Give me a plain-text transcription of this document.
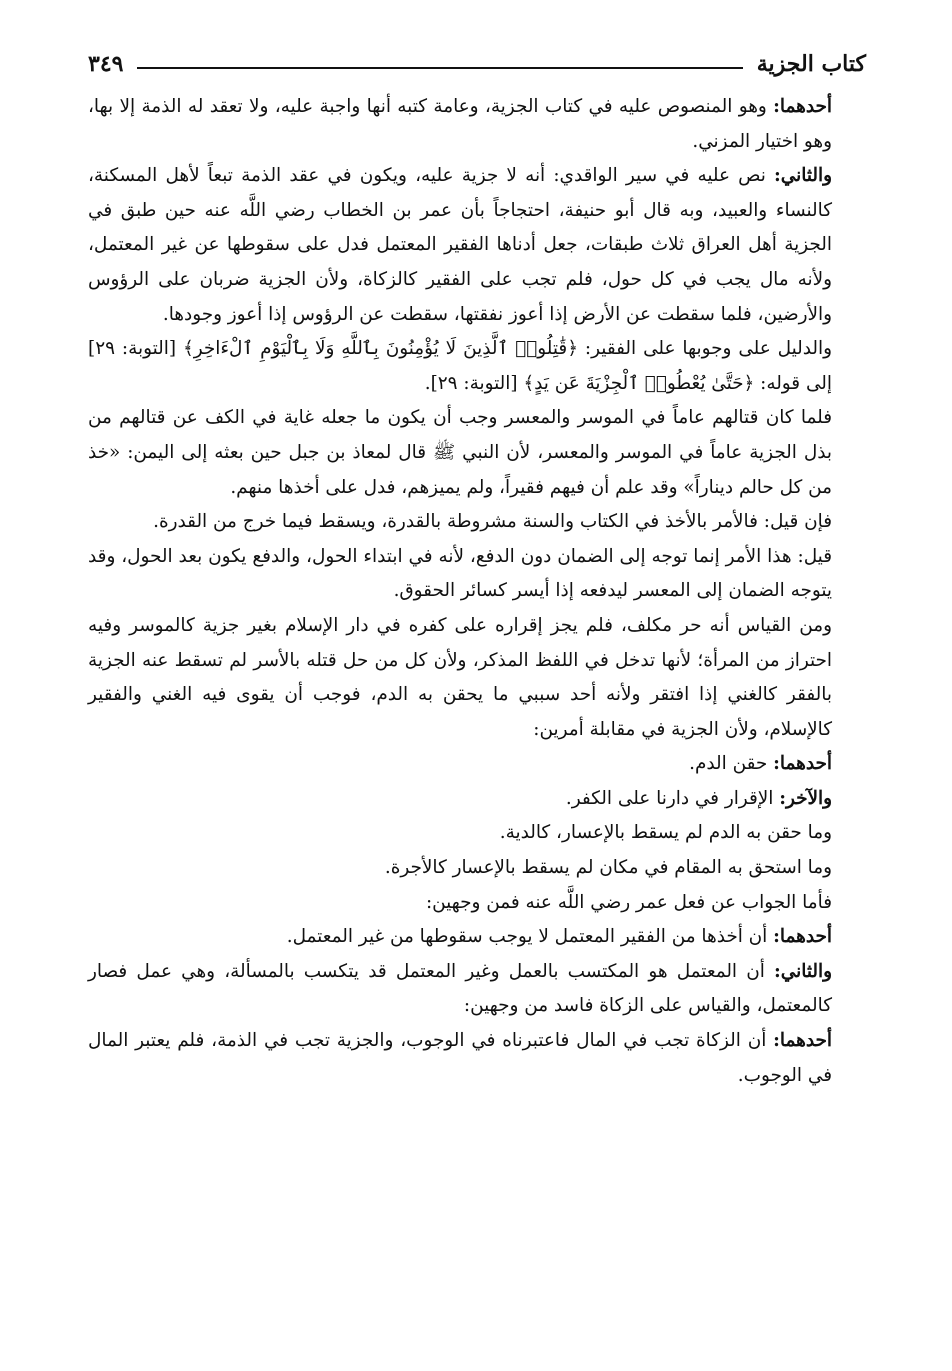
كتاب الجزية
٣٤٩

أحدهما: وهو المنصوص عليه في كتاب الجزية، وعامة كتبه أنها واجبة عليه، ولا تعقد له الذمة إلا بها، وهو اختيار المزني.

والثاني: نص عليه في سير الواقدي: أنه لا جزية عليه، ويكون في عقد الذمة تبعاً لأهل المسكنة، كالنساء والعبيد، وبه قال أبو حنيفة، احتجاجاً بأن عمر بن الخطاب رضي اللَّه عنه حين طبق في الجزية أهل العراق ثلاث طبقات، جعل أدناها الفقير المعتمل فدل على سقوطها عن غير المعتمل، ولأنه مال يجب في كل حول، فلم تجب على الفقير كالزكاة، ولأن الجزية ضربان على الرؤوس والأرضين، فلما سقطت عن الأرض إذا أعوز نفقتها، سقطت عن الرؤوس إذا أعوز وجودها.

والدليل على وجوبها على الفقير: ﴿قَٰتِلُوا۟ ٱلَّذِينَ لَا يُؤْمِنُونَ بِٱللَّهِ وَلَا بِٱلْيَوْمِ ٱلْءَاخِرِ﴾ [التوبة: ٢٩] إلى قوله: ﴿حَتَّىٰ يُعْطُوا۟ ٱلْجِزْيَةَ عَن يَدٍ﴾ [التوبة: ٢٩].

فلما كان قتالهم عاماً في الموسر والمعسر وجب أن يكون ما جعله غاية في الكف عن قتالهم من بذل الجزية عاماً في الموسر والمعسر، لأن النبي ﷺ قال لمعاذ بن جبل حين بعثه إلى اليمن: «خذ من كل حالم ديناراً» وقد علم أن فيهم فقيراً، ولم يميزهم، فدل على أخذها منهم.

فإن قيل: فالأمر بالأخذ في الكتاب والسنة مشروطة بالقدرة، ويسقط فيما خرج من القدرة.

قيل: هذا الأمر إنما توجه إلى الضمان دون الدفع، لأنه في ابتداء الحول، والدفع يكون بعد الحول، وقد يتوجه الضمان إلى المعسر ليدفعه إذا أيسر كسائر الحقوق.

ومن القياس أنه حر مكلف، فلم يجز إقراره على كفره في دار الإسلام بغير جزية كالموسر وفيه احتراز من المرأة؛ لأنها تدخل في اللفظ المذكر، ولأن كل من حل قتله بالأسر لم تسقط عنه الجزية بالفقر كالغني إذا افتقر ولأنه أحد سببي ما يحقن به الدم، فوجب أن يقوى فيه الغني والفقير كالإسلام، ولأن الجزية في مقابلة أمرين:

أحدهما: حقن الدم.

والآخر: الإقرار في دارنا على الكفر.

وما حقن به الدم لم يسقط بالإعسار، كالدية.

وما استحق به المقام في مكان لم يسقط بالإعسار كالأجرة.

فأما الجواب عن فعل عمر رضي اللَّه عنه فمن وجهين:

أحدهما: أن أخذها من الفقير المعتمل لا يوجب سقوطها من غير المعتمل.

والثاني: أن المعتمل هو المكتسب بالعمل وغير المعتمل قد يتكسب بالمسألة، وهي عمل فصار كالمعتمل، والقياس على الزكاة فاسد من وجهين:

أحدهما: أن الزكاة تجب في المال فاعتبرناه في الوجوب، والجزية تجب في الذمة، فلم يعتبر المال في الوجوب.
